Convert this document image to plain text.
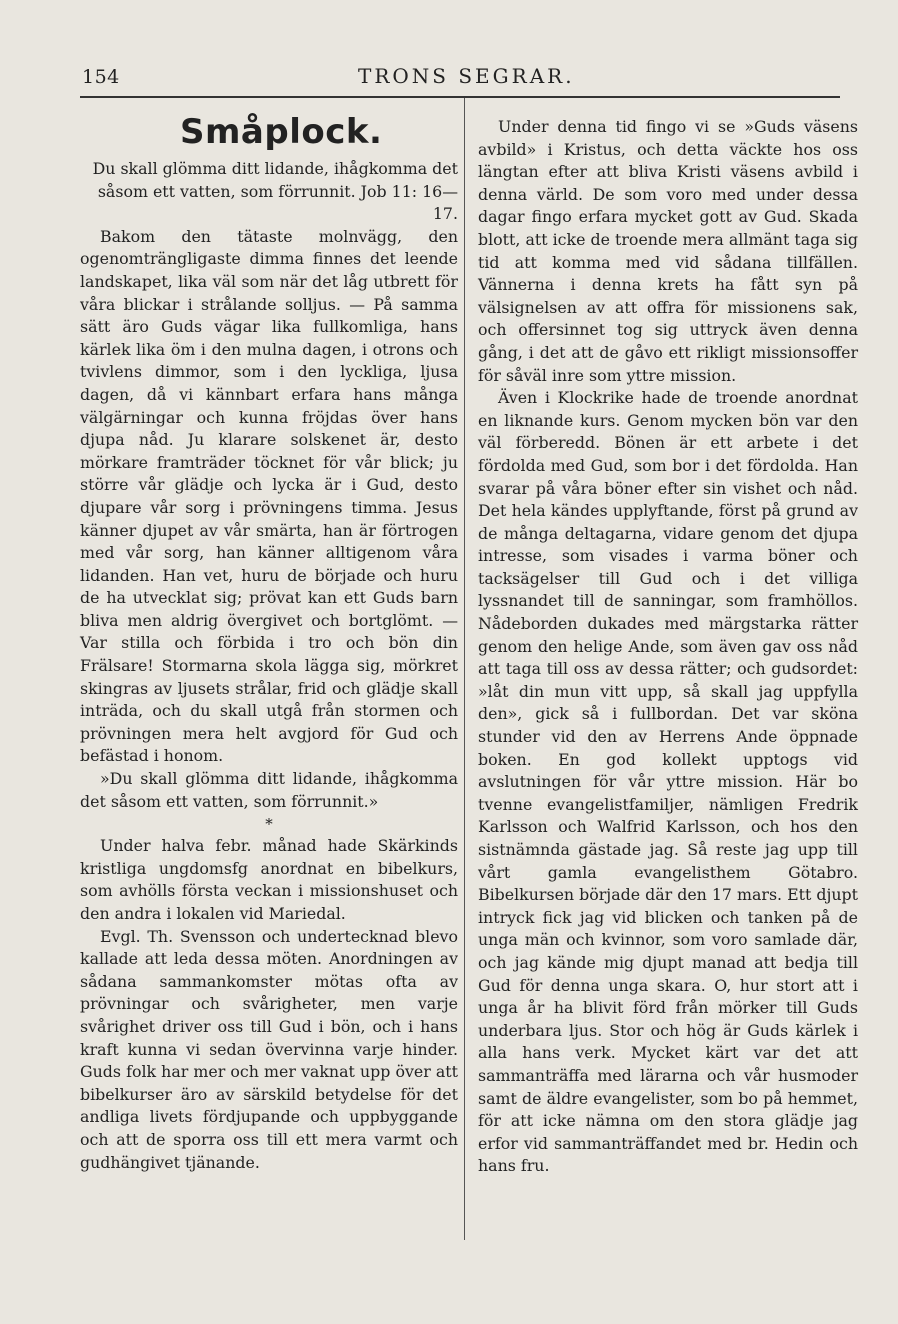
154	TRONS SEGRAR.
Småplock.

Du skall glömma ditt lidande, ihågkomma det såsom ett vatten, som förrunnit. Job 11: 16—17.

Bakom den tätaste molnvägg, den ogenomträngligaste dimma finnes det leende landskapet, lika väl som när det låg utbrett för våra blickar i strålande solljus. — På samma sätt äro Guds vägar lika fullkomliga, hans kärlek lika öm i den mulna dagen, i otrons och tvivlens dimmor, som i den lyckliga, ljusa dagen, då vi kännbart erfara hans många välgärningar och kunna fröjdas över hans djupa nåd. Ju klarare solskenet är, desto mörkare framträder töcknet för vår blick; ju större vår glädje och lycka är i Gud, desto djupare vår sorg i prövningens timma. Jesus känner djupet av vår smärta, han är förtrogen med vår sorg, han känner alltigenom våra lidanden. Han vet, huru de började och huru de ha utvecklat sig; prövat kan ett Guds barn bliva men aldrig övergivet och bortglömt. — Var stilla och förbida i tro och bön din Frälsare! Stormarna skola lägga sig, mörkret skingras av ljusets strålar, frid och glädje skall inträda, och du skall utgå från stormen och prövningen mera helt avgjord för Gud och befästad i honom.

»Du skall glömma ditt lidande, ihågkomma det såsom ett vatten, som förrunnit.»

*

Under halva febr. månad hade Skärkinds kristliga ungdomsfg anordnat en bibelkurs, som avhölls första veckan i missionshuset och den andra i lokalen vid Mariedal.

Evgl. Th. Svensson och undertecknad blevo kallade att leda dessa möten. Anordningen av sådana sammankomster mötas ofta av prövningar och svårigheter, men varje svårighet driver oss till Gud i bön, och i hans kraft kunna vi sedan övervinna varje hinder. Guds folk har mer och mer vaknat upp över att bibelkurser äro av särskild betydelse för det andliga livets fördjupande och uppbyggande och att de sporra oss till ett mera varmt och gudhängivet tjänande.

Under denna tid fingo vi se »Guds väsens avbild» i Kristus, och detta väckte hos oss längtan efter att bliva Kristi väsens avbild i denna värld. De som voro med under dessa dagar fingo erfara mycket gott av Gud. Skada blott, att icke de troende mera allmänt taga sig tid att komma med vid sådana tillfällen. Vännerna i denna krets ha fått syn på välsignelsen av att offra för missionens sak, och offersinnet tog sig uttryck även denna gång, i det att de gåvo ett rikligt missionsoffer för såväl inre som yttre mission.

Även i Klockrike hade de troende anordnat en liknande kurs. Genom mycken bön var den väl förberedd. Bönen är ett arbete i det fördolda med Gud, som bor i det fördolda. Han svarar på våra böner efter sin vishet och nåd. Det hela kändes upplyftande, först på grund av de många deltagarna, vidare genom det djupa intresse, som visades i varma böner och tacksägelser till Gud och i det villiga lyssnandet till de sanningar, som framhöllos. Nådeborden dukades med märgstarka rätter genom den helige Ande, som även gav oss nåd att taga till oss av dessa rätter; och gudsordet: »låt din mun vitt upp, så skall jag uppfylla den», gick så i fullbordan. Det var sköna stunder vid den av Herrens Ande öppnade boken. En god kollekt upptogs vid avslutningen för vår yttre mission. Här bo tvenne evangelistfamiljer, nämligen Fredrik Karlsson och Walfrid Karlsson, och hos den sistnämnda gästade jag. Så reste jag upp till vårt gamla evangelisthem Götabro. Bibelkursen började där den 17 mars. Ett djupt intryck fick jag vid blicken och tanken på de unga män och kvinnor, som voro samlade där, och jag kände mig djupt manad att bedja till Gud för denna unga skara. O, hur stort att i unga år ha blivit förd från mörker till Guds underbara ljus. Stor och hög är Guds kärlek i alla hans verk. Mycket kärt var det att sammanträffa med lärarna och vår husmoder samt de äldre evangelister, som bo på hemmet, för att icke nämna om den stora glädje jag erfor vid sammanträffandet med br. Hedin och hans fru.
